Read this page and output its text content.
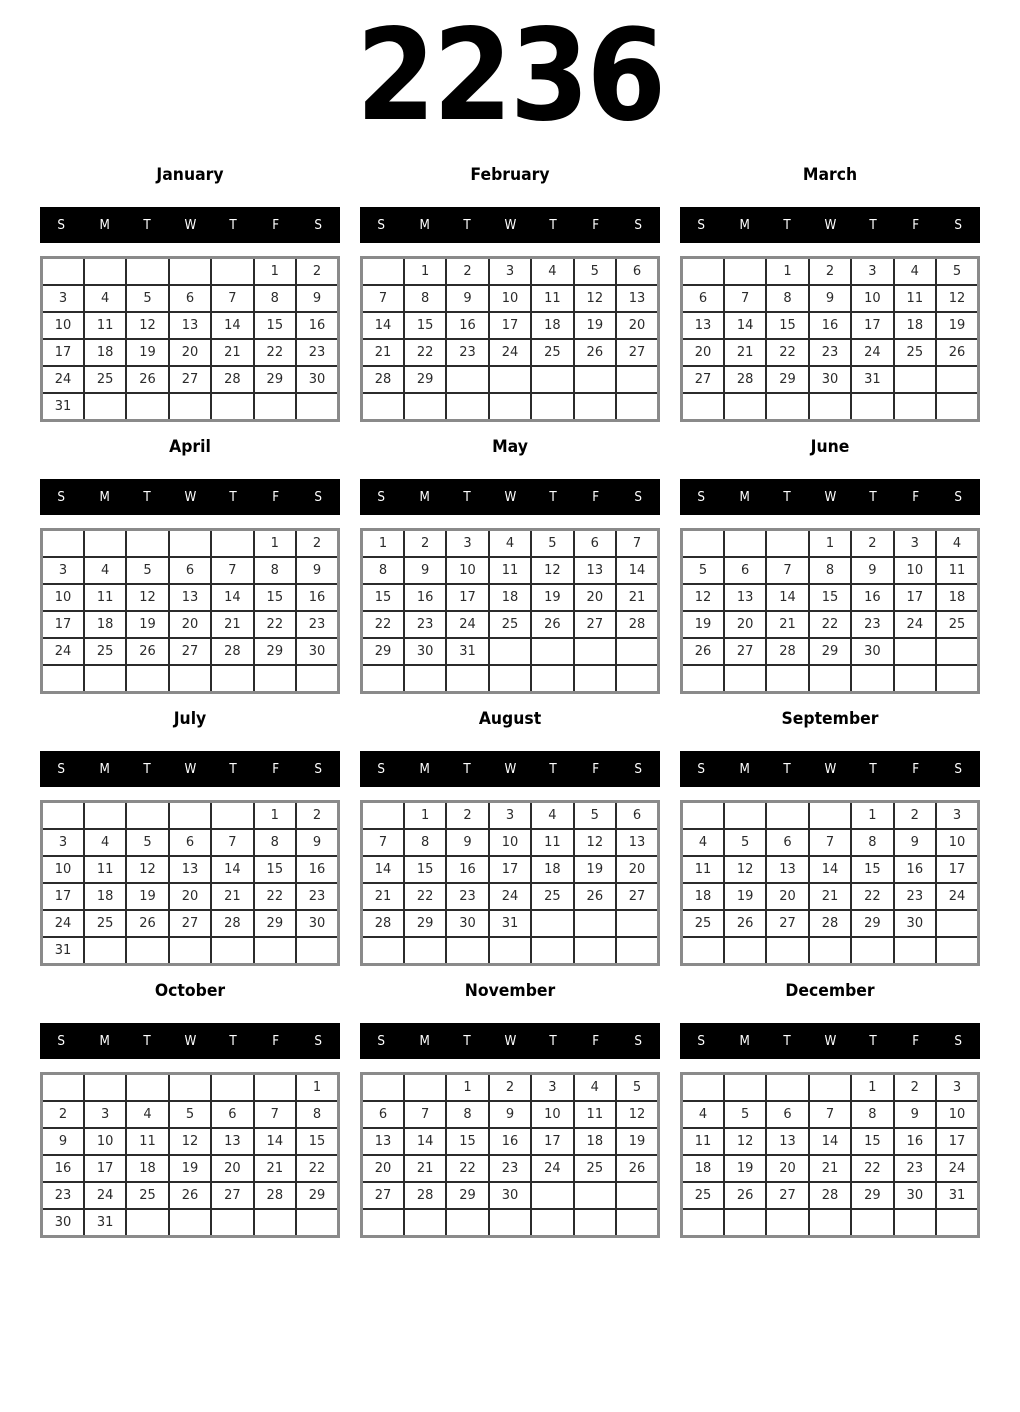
2236
January
S	M	T	W	T	F	S
					1	2
3	4	5	6	7	8	9
10	11	12	13	14	15	16
17	18	19	20	21	22	23
24	25	26	27	28	29	30
31						
February
S	M	T	W	T	F	S
	1	2	3	4	5	6
7	8	9	10	11	12	13
14	15	16	17	18	19	20
21	22	23	24	25	26	27
28	29					

March
S	M	T	W	T	F	S
		1	2	3	4	5
6	7	8	9	10	11	12
13	14	15	16	17	18	19
20	21	22	23	24	25	26
27	28	29	30	31		

April
S	M	T	W	T	F	S
					1	2
3	4	5	6	7	8	9
10	11	12	13	14	15	16
17	18	19	20	21	22	23
24	25	26	27	28	29	30

May
S	M	T	W	T	F	S
1	2	3	4	5	6	7
8	9	10	11	12	13	14
15	16	17	18	19	20	21
22	23	24	25	26	27	28
29	30	31				

June
S	M	T	W	T	F	S
			1	2	3	4
5	6	7	8	9	10	11
12	13	14	15	16	17	18
19	20	21	22	23	24	25
26	27	28	29	30		

July
S	M	T	W	T	F	S
					1	2
3	4	5	6	7	8	9
10	11	12	13	14	15	16
17	18	19	20	21	22	23
24	25	26	27	28	29	30
31						
August
S	M	T	W	T	F	S
	1	2	3	4	5	6
7	8	9	10	11	12	13
14	15	16	17	18	19	20
21	22	23	24	25	26	27
28	29	30	31			

September
S	M	T	W	T	F	S
				1	2	3
4	5	6	7	8	9	10
11	12	13	14	15	16	17
18	19	20	21	22	23	24
25	26	27	28	29	30	

October
S	M	T	W	T	F	S
						1
2	3	4	5	6	7	8
9	10	11	12	13	14	15
16	17	18	19	20	21	22
23	24	25	26	27	28	29
30	31					
November
S	M	T	W	T	F	S
		1	2	3	4	5
6	7	8	9	10	11	12
13	14	15	16	17	18	19
20	21	22	23	24	25	26
27	28	29	30			

December
S	M	T	W	T	F	S
				1	2	3
4	5	6	7	8	9	10
11	12	13	14	15	16	17
18	19	20	21	22	23	24
25	26	27	28	29	30	31
